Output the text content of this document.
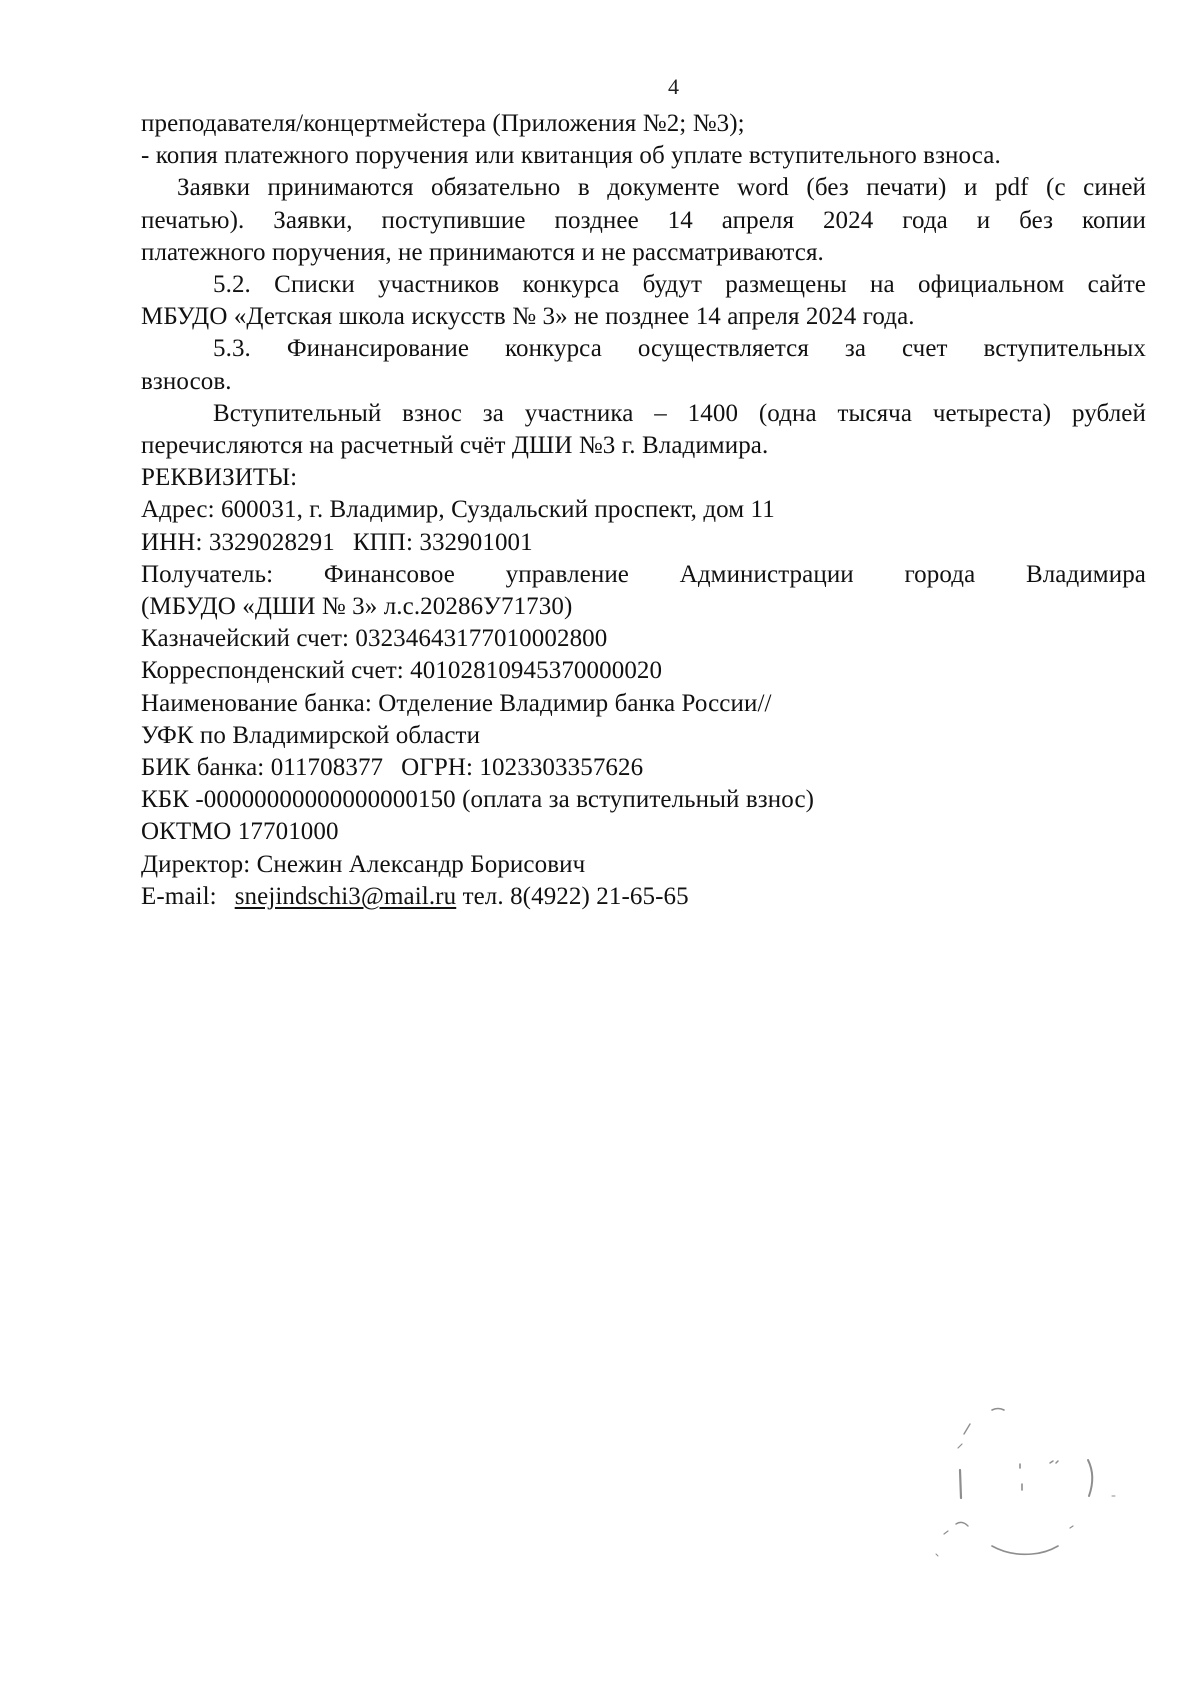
4
преподавателя/концертмейстера (Приложения №2; №3);
- копия платежного поручения или квитанция об уплате вступительного взноса.
Заявки принимаются обязательно в документе word (без печати) и pdf (с синей
печатью). Заявки, поступившие позднее 14 апреля 2024 года и без копии
платежного поручения, не принимаются и не рассматриваются.
5.2. Списки участников конкурса будут размещены на официальном сайте
МБУДО «Детская школа искусств № 3» не позднее 14 апреля 2024 года.
5.3. Финансирование конкурса осуществляется за счет вступительных
взносов.
Вступительный взнос за участника – 1400 (одна тысяча четыреста) рублей
перечисляются на расчетный счёт ДШИ №3 г. Владимира.
РЕКВИЗИТЫ:
Адрес: 600031, г. Владимир, Суздальский проспект, дом 11
ИНН: 3329028291 КПП: 332901001
Получатель: Финансовое управление Администрации города Владимира
(МБУДО «ДШИ № 3» л.с.20286У71730)
Казначейский счет: 03234643177010002800
Корреспонденский счет: 40102810945370000020
Наименование банка: Отделение Владимир банка России//
УФК по Владимирской области
БИК банка: 011708377 ОГРН: 1023303357626
КБК -00000000000000000150 (оплата за вступительный взнос)
ОКТМО 17701000
Директор: Снежин Александр Борисович
E-mail: snejindschi3@mail.ru тел. 8(4922) 21-65-65
